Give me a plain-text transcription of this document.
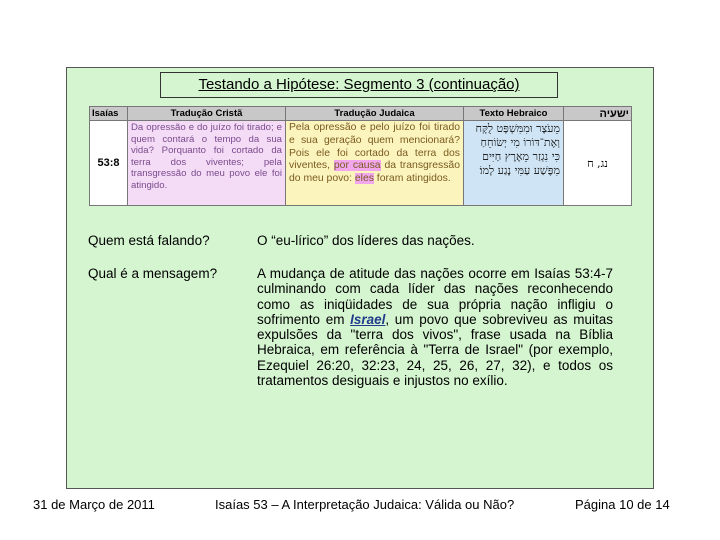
Testando a Hipótese: Segmento 3 (continuação)
Isaías	Tradução Cristã	Tradução Judaica	Texto Hebraico	ישעיה
53:8	Da opressão e do juízo foi tirado; e quem contará o tempo da sua vida? Porquanto foi cortado da terra dos viventes; pela transgressão do meu povo ele foi atingido.	Pela opressão e pelo juízo foi tirado e sua geração quem mencionará? Pois ele foi cortado da terra dos viventes, por causa da transgressão do meu povo: eles foram atingidos.	מֵעֹצֶר וּמִמִּשְׁפָּט לֻקָּח
וְאֶת־דּוֹרוֹ מִי יְשׂוֹחֵחַ
כִּי נִגְזַר מֵאֶרֶץ חַיִּים
מִפֶּשַׁע עַמִּי נֶגַע לָמוֹ׃	נג, ח
Quem está falando?	O “eu-lírico” dos líderes das nações.
Qual é a mensagem?	A mudança de atitude das nações ocorre em Isaías 53:4-7 culminando com cada líder das nações reconhecendo como as iniqüidades de sua própria nação infligiu o sofrimento em Israel, um povo que sobreviveu as muitas expulsões da "terra dos vivos", frase usada na Bíblia Hebraica, em referência à "Terra de Israel" (por exemplo, Ezequiel 26:20, 32:23, 24, 25, 26, 27, 32), e todos os tratamentos desiguais e injustos no exílio.
31 de Março de 2011	Isaías 53 – A Interpretação Judaica: Válida ou Não?	Página 10 de 14
